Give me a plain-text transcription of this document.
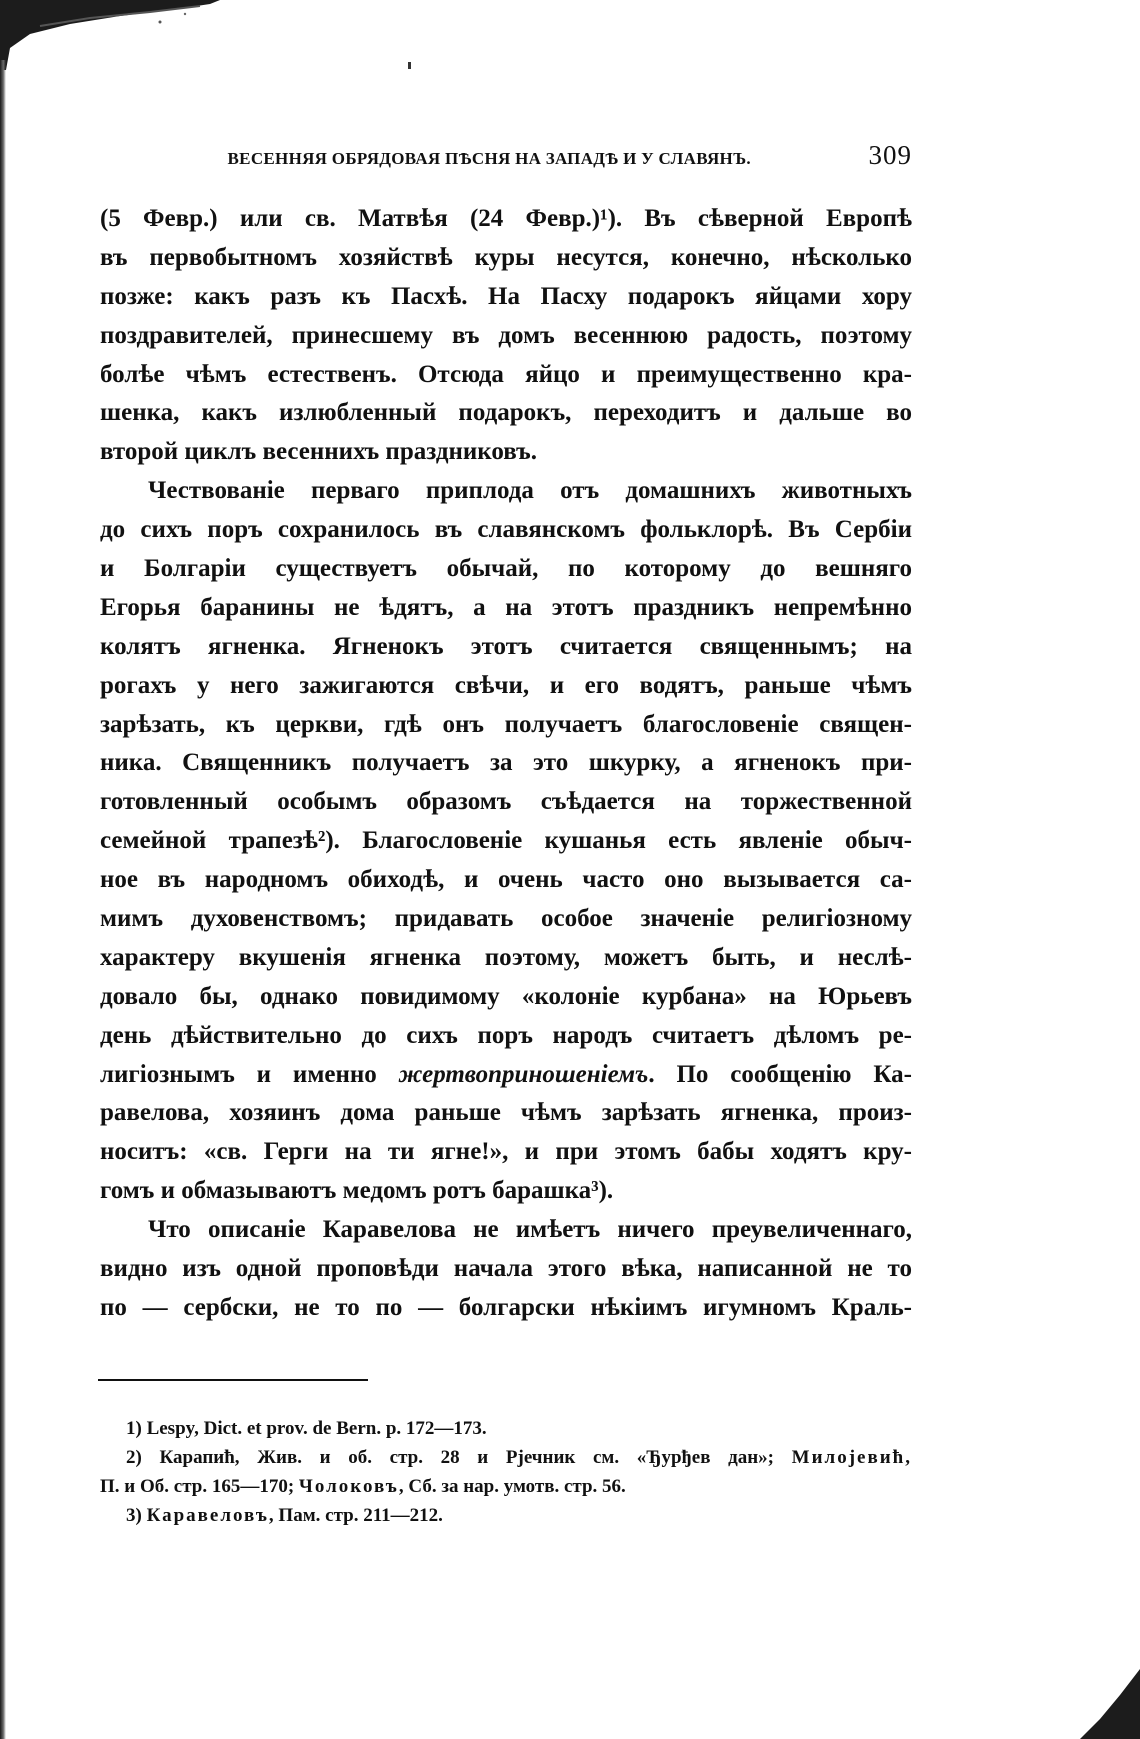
ВЕСЕННЯЯ ОБРЯДОВАЯ ПѢСНЯ НА ЗАПАДѢ И У СЛАВЯНЪ.	309
(5 Февр.) или св. Матвѣя (24 Февр.)¹). Въ сѣверной Европѣ
въ первобытномъ хозяйствѣ куры несутся, конечно, нѣсколько
позже: какъ разъ къ Пасхѣ. На Пасху подарокъ яйцами хору
поздравителей, принесшему въ домъ весеннюю радость, поэтому
болѣе чѣмъ естественъ. Отсюда яйцо и преимущественно кра-
шенка, какъ излюбленный подарокъ, переходитъ и дальше во
второй циклъ весеннихъ праздниковъ.
Чествованіе перваго приплода отъ домашнихъ животныхъ
до сихъ поръ сохранилось въ славянскомъ фольклорѣ. Въ Сербіи
и Болгаріи существуетъ обычай, по которому до вешняго
Егорья баранины не ѣдятъ, а на этотъ праздникъ непремѣнно
колятъ ягненка. Ягненокъ этотъ считается священнымъ; на
рогахъ у него зажигаются свѣчи, и его водятъ, раньше чѣмъ
зарѣзать, къ церкви, гдѣ онъ получаетъ благословеніе священ-
ника. Священникъ получаетъ за это шкурку, а ягненокъ при-
готовленный особымъ образомъ съѣдается на торжественной
семейной трапезѣ²). Благословеніе кушанья есть явленіе обыч-
ное въ народномъ обиходѣ, и очень часто оно вызывается са-
мимъ духовенствомъ; придавать особое значеніе религіозному
характеру вкушенія ягненка поэтому, можетъ быть, и неслѣ-
довало бы, однако повидимому «колоніе курбана» на Юрьевъ
день дѣйствительно до сихъ поръ народъ считаетъ дѣломъ ре-
лигіознымъ и именно жертвоприношеніемъ. По сообщенію Ка-
равелова, хозяинъ дома раньше чѣмъ зарѣзать ягненка, произ-
носитъ: «св. Герги на ти ягне!», и при этомъ бабы ходятъ кру-
гомъ и обмазываютъ медомъ ротъ барашка³).
Что описаніе Каравелова не имѣетъ ничего преувеличеннаго,
видно изъ одной проповѣди начала этого вѣка, написанной не то
по — сербски, не то по — болгарски нѣкіимъ игумномъ Краль-
1) Lespy, Dict. et prov. de Bern. p. 172—173.
2) Карапиħ, Жив. и об. стр. 28 и Рјечник см. «Ђурђев дан»; Милојевиħ,
П. и Об. стр. 165—170; Чолоковъ, Сб. за нар. умотв. стр. 56.
3) Каравеловъ, Пам. стр. 211—212.
